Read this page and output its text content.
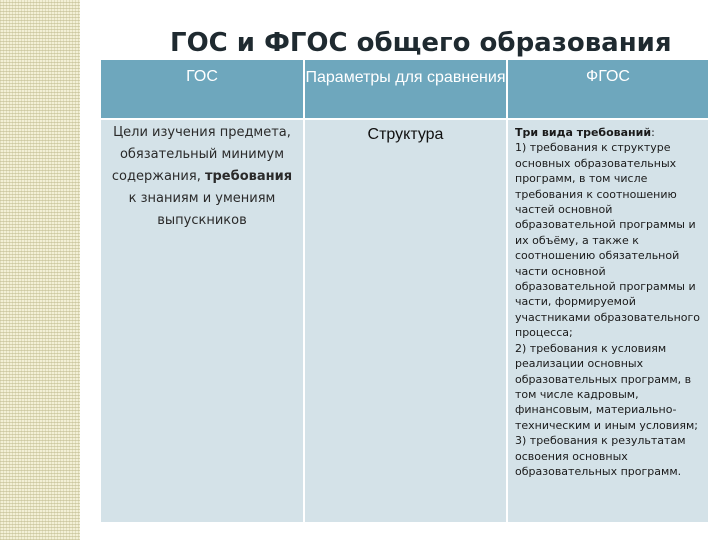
ГОС и ФГОС общего образования
ГОС	Параметры для сравнения	ФГОС
Цели изучения предмета, обязательный минимум содержания, требования к знаниям и умениям выпускников	Структура	Три вида требований:
1) требования к структуре основных образовательных программ, в том числе требования к соотношению частей основной образовательной программы и их объёму, а также к соотношению обязательной части основной образовательной программы и части, формируемой участниками образовательного процесса;
2) требования к условиям реализации основных образовательных программ, в том числе кадровым, финансовым, материально-техническим и иным условиям;
3) требования к результатам освоения основных образовательных программ.
